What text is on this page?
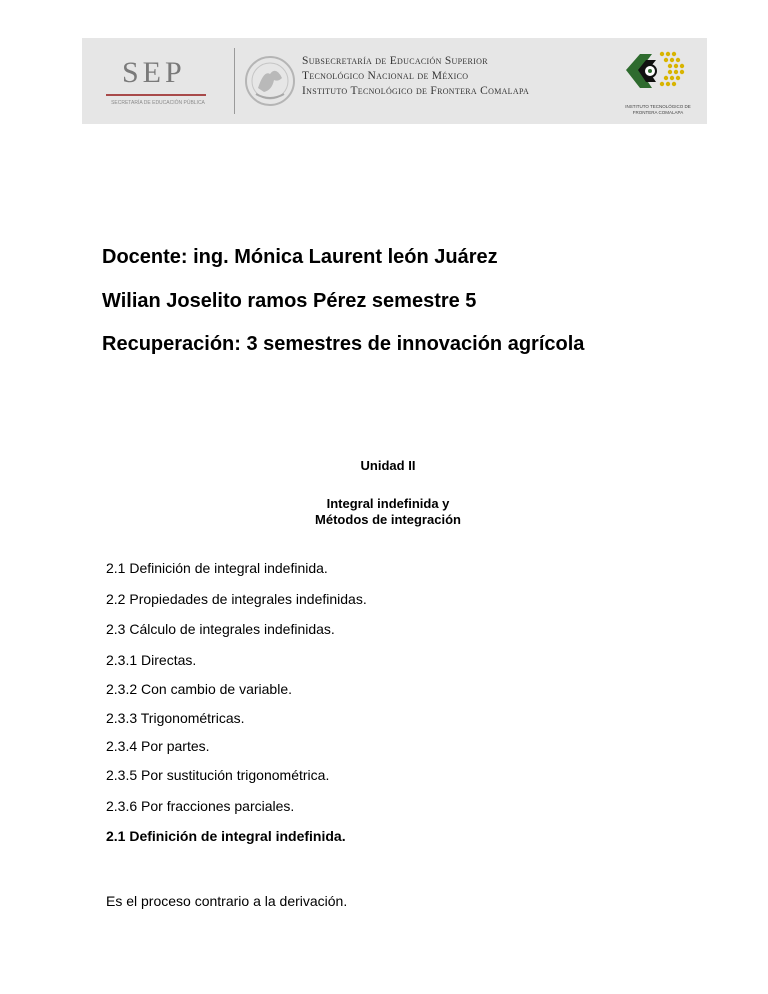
SEP
SECRETARÍA DE EDUCACIÓN PÚBLICA
Subsecretaría de Educación Superior
Tecnológico Nacional de México
Instituto Tecnológico de Frontera Comalapa
INSTITUTO TECNOLÓGICO DE FRONTERA COMALAPA
Docente: ing. Mónica Laurent león Juárez
Wilian Joselito ramos Pérez semestre 5
Recuperación: 3 semestres de innovación agrícola
Unidad II
Integral indefinida y
Métodos de integración
2.1 Definición de integral indefinida.
2.2 Propiedades de integrales indefinidas.
2.3 Cálculo de integrales indefinidas.
2.3.1 Directas.
2.3.2 Con cambio de variable.
2.3.3 Trigonométricas.
2.3.4 Por partes.
2.3.5 Por sustitución trigonométrica.
2.3.6 Por fracciones parciales.
2.1 Definición de integral indefinida.
Es el proceso contrario a la derivación.
